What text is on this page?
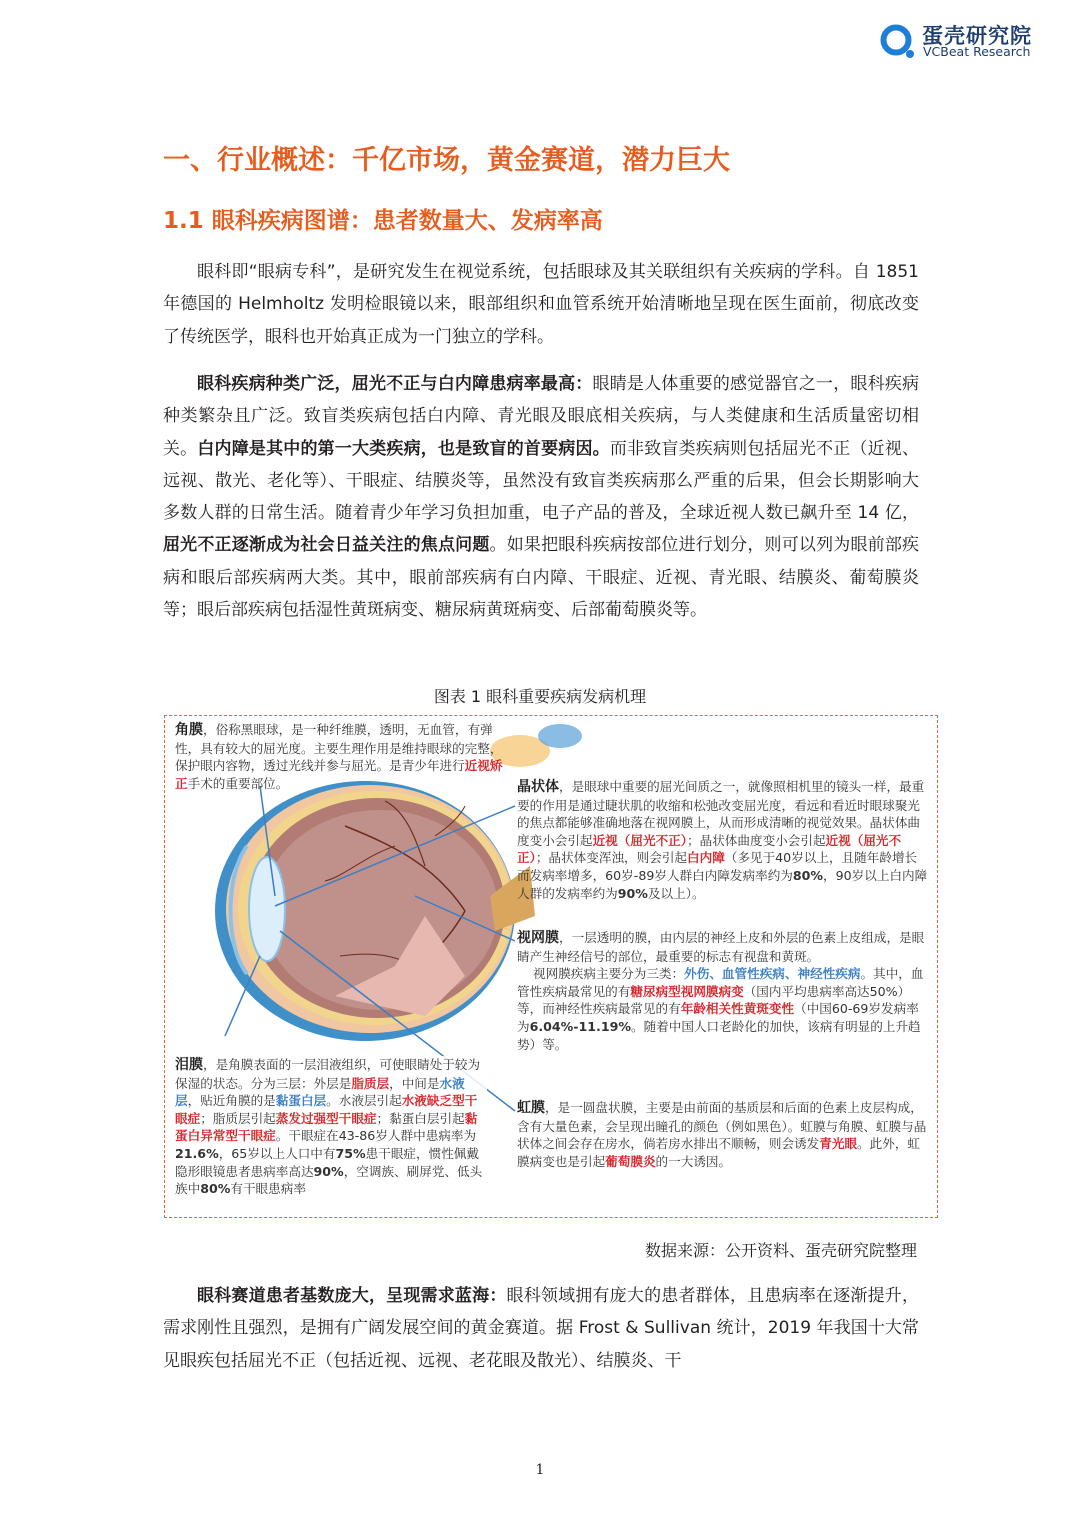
蛋壳研究院
VCBeat Research
一、行业概述：千亿市场，黄金赛道，潜力巨大
1.1 眼科疾病图谱：患者数量大、发病率高

眼科即“眼病专科”，是研究发生在视觉系统，包括眼球及其关联组织有关疾病的学科。自 1851 年德国的 Helmholtz 发明检眼镜以来，眼部组织和血管系统开始清晰地呈现在医生面前，彻底改变了传统医学，眼科也开始真正成为一门独立的学科。

眼科疾病种类广泛，屈光不正与白内障患病率最高：眼睛是人体重要的感觉器官之一，眼科疾病种类繁杂且广泛。致盲类疾病包括白内障、青光眼及眼底相关疾病，与人类健康和生活质量密切相关。白内障是其中的第一大类疾病，也是致盲的首要病因。而非致盲类疾病则包括屈光不正（近视、远视、散光、老化等）、干眼症、结膜炎等，虽然没有致盲类疾病那么严重的后果，但会长期影响大多数人群的日常生活。随着青少年学习负担加重，电子产品的普及，全球近视人数已飙升至 14 亿，屈光不正逐渐成为社会日益关注的焦点问题。如果把眼科疾病按部位进行划分，则可以列为眼前部疾病和眼后部疾病两大类。其中，眼前部疾病有白内障、干眼症、近视、青光眼、结膜炎、葡萄膜炎等；眼后部疾病包括湿性黄斑病变、糖尿病黄斑病变、后部葡萄膜炎等。

图表 1 眼科重要疾病发病机理

角膜，俗称黑眼球，是一种纤维膜，透明，无血管，有弹性，具有较大的屈光度。主要生理作用是维持眼球的完整，保护眼内容物，透过光线并参与屈光。是青少年进行近视矫正手术的重要部位。	晶状体，是眼球中重要的屈光间质之一，就像照相机里的镜头一样，最重要的作用是通过睫状肌的收缩和松弛改变屈光度，看远和看近时眼球聚光的焦点都能够准确地落在视网膜上，从而形成清晰的视觉效果。晶状体曲度变小会引起近视（屈光不正）；晶状体曲度变小会引起近视（屈光不正）；晶状体变浑浊，则会引起白内障（多见于40岁以上，且随年龄增长而发病率增多，60岁-89岁人群白内障发病率约为80%，90岁以上白内障人群的发病率约为90%及以上）。

视网膜，一层透明的膜，由内层的神经上皮和外层的色素上皮组成，是眼睛产生神经信号的部位，最重要的标志有视盘和黄斑。
视网膜疾病主要分为三类：外伤、血管性疾病、神经性疾病。其中，血管性疾病最常见的有糖尿病型视网膜病变（国内平均患病率高达50%）等，而神经性疾病最常见的有年龄相关性黄斑变性（中国60-69岁发病率为6.04%-11.19%。随着中国人口老龄化的加快，该病有明显的上升趋势）等。

泪膜，是角膜表面的一层泪液组织，可使眼睛处于较为保湿的状态。分为三层：外层是脂质层，中间是水液层，贴近角膜的是黏蛋白层。水液层引起水液缺乏型干眼症；脂质层引起蒸发过强型干眼症；黏蛋白层引起黏蛋白异常型干眼症。干眼症在43-86岁人群中患病率为21.6%，65岁以上人口中有75%患干眼症，惯性佩戴隐形眼镜患者患病率高达90%，空调族、刷屏党、低头族中80%有干眼患病率

虹膜，是一圆盘状膜，主要是由前面的基质层和后面的色素上皮层构成，含有大量色素，会呈现出瞳孔的颜色（例如黑色）。虹膜与角膜、虹膜与晶状体之间会存在房水，倘若房水排出不顺畅，则会诱发青光眼。此外，虹膜病变也是引起葡萄膜炎的一大诱因。

数据来源：公开资料、蛋壳研究院整理

眼科赛道患者基数庞大，呈现需求蓝海：眼科领域拥有庞大的患者群体，且患病率在逐渐提升，需求刚性且强烈，是拥有广阔发展空间的黄金赛道。据 Frost & Sullivan 统计，2019 年我国十大常见眼疾包括屈光不正（包括近视、远视、老花眼及散光）、结膜炎、干

1
